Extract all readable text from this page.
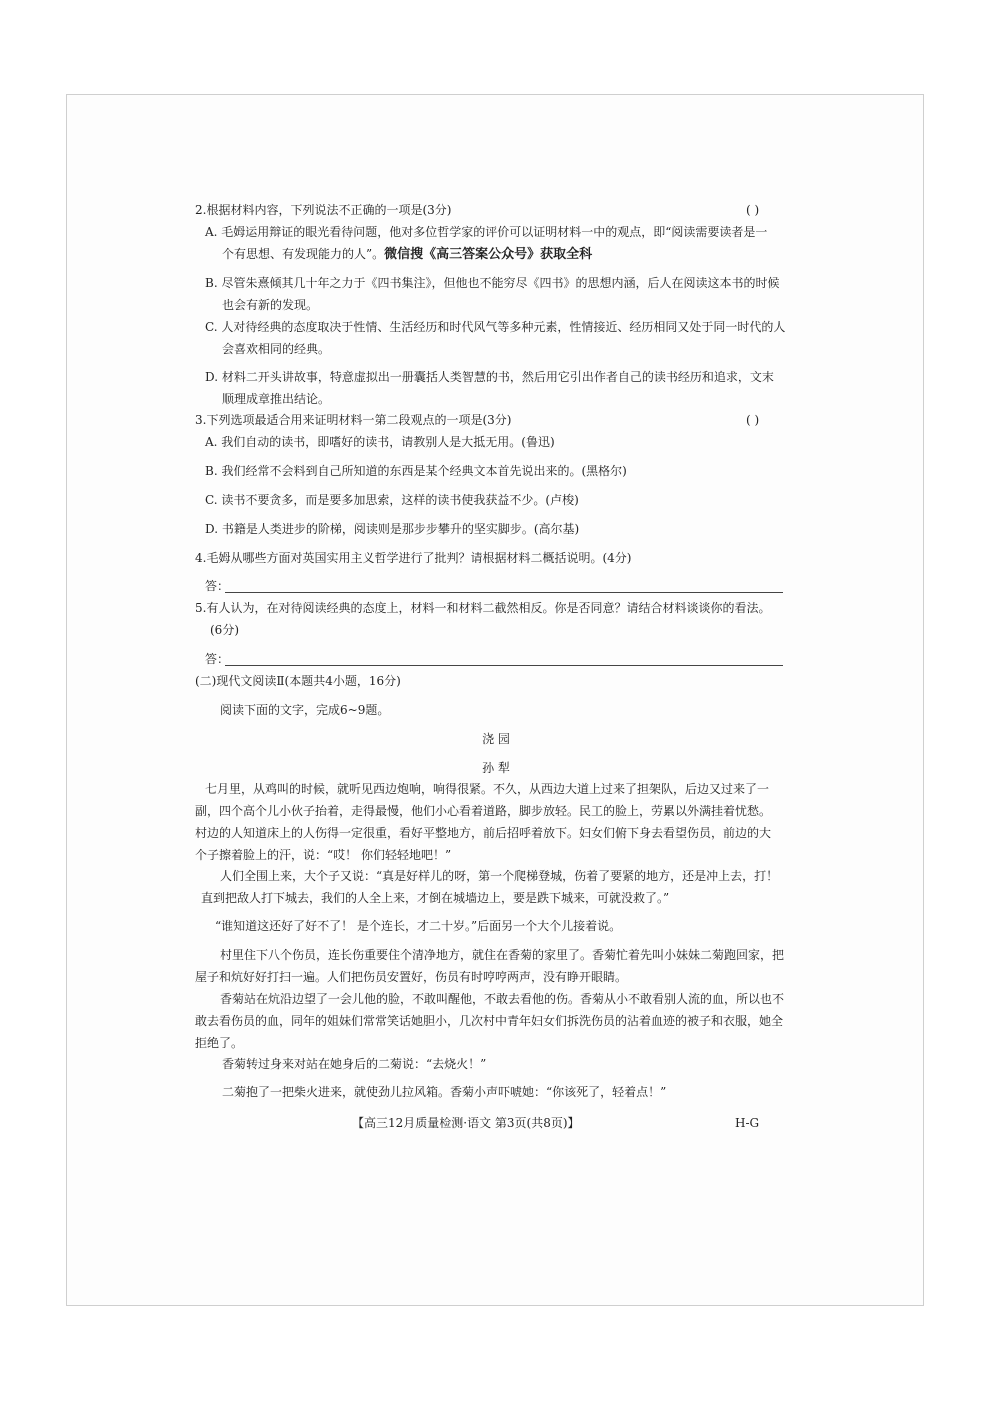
2.根据材料内容，下列说法不正确的一项是(3分)	( )
A. 毛姆运用辩证的眼光看待问题，他对多位哲学家的评价可以证明材料一中的观点，即“阅读需要读者是一
个有思想、有发现能力的人”。微信搜《高三答案公众号》获取全科
B. 尽管朱熹倾其几十年之力于《四书集注》，但他也不能穷尽《四书》的思想内涵，后人在阅读这本书的时候
也会有新的发现。
C. 人对待经典的态度取决于性情、生活经历和时代风气等多种元素，性情接近、经历相同又处于同一时代的人
会喜欢相同的经典。
D. 材料二开头讲故事，特意虚拟出一册囊括人类智慧的书，然后用它引出作者自己的读书经历和追求，文末
顺理成章推出结论。
3.下列选项最适合用来证明材料一第二段观点的一项是(3分)	( )
A. 我们自动的读书，即嗜好的读书，请教别人是大抵无用。(鲁迅)
B. 我们经常不会料到自己所知道的东西是某个经典文本首先说出来的。(黑格尔)
C. 读书不要贪多，而是要多加思索，这样的读书使我获益不少。(卢梭)
D. 书籍是人类进步的阶梯，阅读则是那步步攀升的坚实脚步。(高尔基)
4.毛姆从哪些方面对英国实用主义哲学进行了批判？请根据材料二概括说明。(4分)
答：
5.有人认为，在对待阅读经典的态度上，材料一和材料二截然相反。你是否同意？请结合材料谈谈你的看法。
(6分)
答：
(二)现代文阅读Ⅱ(本题共4小题，16分)
阅读下面的文字，完成6~9题。
浇 园
孙 犁
七月里，从鸡叫的时候，就听见西边炮响，响得很紧。不久，从西边大道上过来了担架队，后边又过来了一
副，四个高个儿小伙子抬着，走得最慢，他们小心看着道路，脚步放轻。民工的脸上，劳累以外满挂着忧愁。
村边的人知道床上的人伤得一定很重，看好平整地方，前后招呼着放下。妇女们俯下身去看望伤员，前边的大
个子擦着脸上的汗，说：“哎！ 你们轻轻地吧！”
人们全围上来，大个子又说：“真是好样儿的呀，第一个爬梯登城，伤着了要紧的地方，还是冲上去，打！
直到把敌人打下城去，我们的人全上来，才倒在城墙边上，要是跌下城来，可就没救了。”
“谁知道这还好了好不了！ 是个连长，才二十岁。”后面另一个大个儿接着说。
村里住下八个伤员，连长伤重要住个清净地方，就住在香菊的家里了。香菊忙着先叫小妹妹二菊跑回家，把
屋子和炕好好打扫一遍。人们把伤员安置好，伤员有时哼哼两声，没有睁开眼睛。
香菊站在炕沿边望了一会儿他的脸，不敢叫醒他，不敢去看他的伤。香菊从小不敢看别人流的血，所以也不
敢去看伤员的血，同年的姐妹们常常笑话她胆小，几次村中青年妇女们拆洗伤员的沾着血迹的被子和衣服，她全
拒绝了。
香菊转过身来对站在她身后的二菊说：“去烧火！”
二菊抱了一把柴火进来，就使劲儿拉风箱。香菊小声吓唬她：“你该死了，轻着点！”
【高三12月质量检测·语文 第3页(共8页)】	H-G
